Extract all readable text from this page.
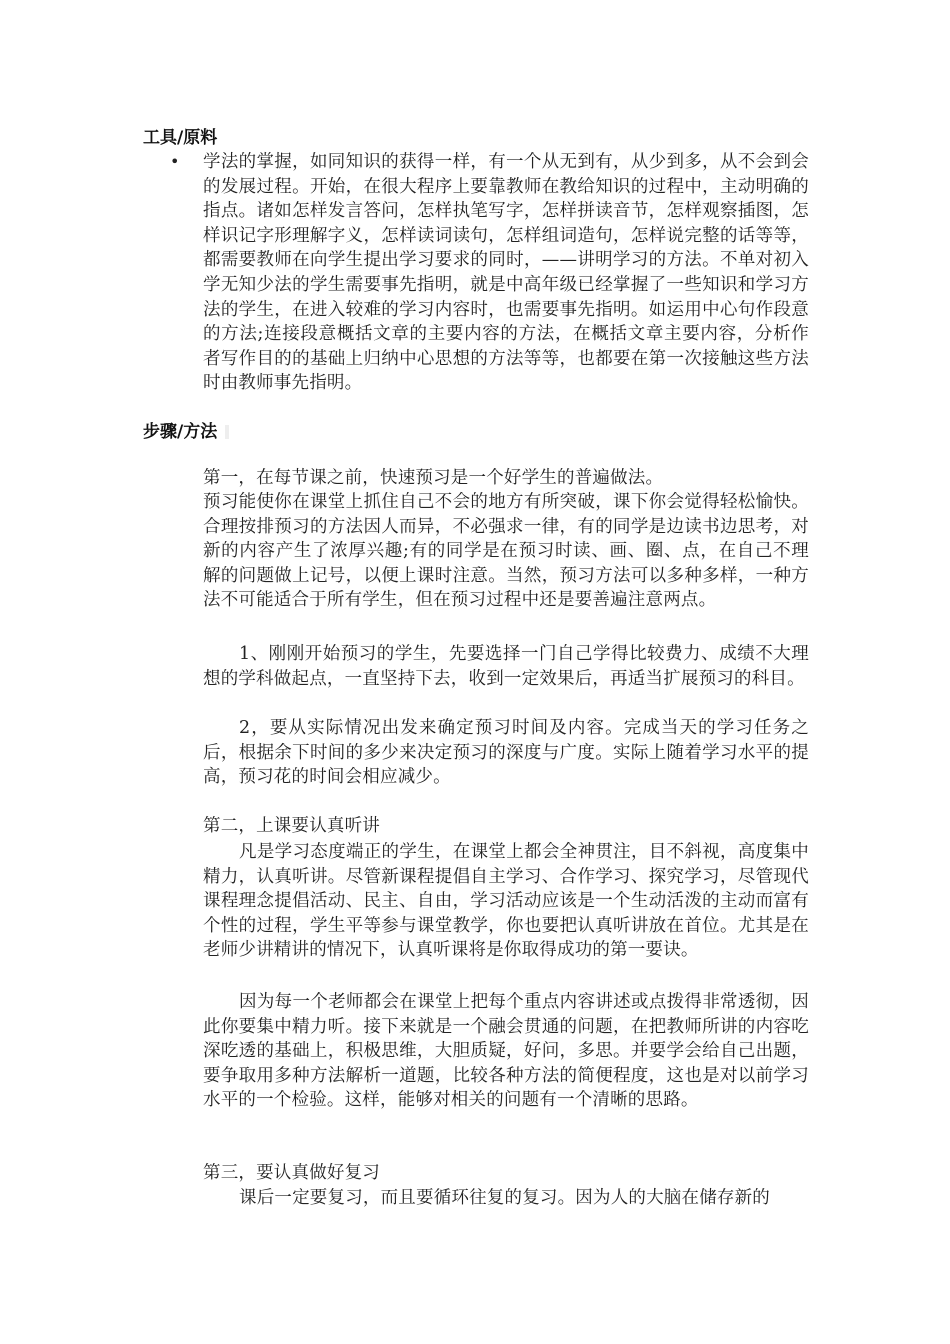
工具/原料
• 学法的掌握，如同知识的获得一样，有一个从无到有，从少到多，从不会到会的发展过程。开始，在很大程序上要靠教师在教给知识的过程中，主动明确的指点。诸如怎样发言答问，怎样执笔写字，怎样拼读音节，怎样观察插图，怎样识记字形理解字义，怎样读词读句，怎样组词造句，怎样说完整的话等等，都需要教师在向学生提出学习要求的同时，——讲明学习的方法。不单对初入学无知少法的学生需要事先指明，就是中高年级已经掌握了一些知识和学习方法的学生，在进入较难的学习内容时，也需要事先指明。如运用中心句作段意的方法;连接段意概括文章的主要内容的方法，在概括文章主要内容，分析作者写作目的的基础上归纳中心思想的方法等等，也都要在第一次接触这些方法时由教师事先指明。
步骤/方法
第一，在每节课之前，快速预习是一个好学生的普遍做法。
预习能使你在课堂上抓住自己不会的地方有所突破，课下你会觉得轻松愉快。合理按排预习的方法因人而异，不必强求一律，有的同学是边读书边思考，对新的内容产生了浓厚兴趣;有的同学是在预习时读、画、圈、点，在自己不理解的问题做上记号，以便上课时注意。当然，预习方法可以多种多样，一种方法不可能适合于所有学生，但在预习过程中还是要善遍注意两点。
1、刚刚开始预习的学生，先要选择一门自己学得比较费力、成绩不大理想的学科做起点，一直坚持下去，收到一定效果后，再适当扩展预习的科目。
2，要从实际情况出发来确定预习时间及内容。完成当天的学习任务之后，根据余下时间的多少来决定预习的深度与广度。实际上随着学习水平的提高，预习花的时间会相应减少。
第二，上课要认真听讲
凡是学习态度端正的学生，在课堂上都会全神贯注，目不斜视，高度集中精力，认真听讲。尽管新课程提倡自主学习、合作学习、探究学习，尽管现代课程理念提倡活动、民主、自由，学习活动应该是一个生动活泼的主动而富有个性的过程，学生平等参与课堂教学，你也要把认真听讲放在首位。尤其是在老师少讲精讲的情况下，认真听课将是你取得成功的第一要诀。
因为每一个老师都会在课堂上把每个重点内容讲述或点拨得非常透彻，因此你要集中精力听。接下来就是一个融会贯通的问题，在把教师所讲的内容吃深吃透的基础上，积极思维，大胆质疑，好问，多思。并要学会给自己出题，要争取用多种方法解析一道题，比较各种方法的简便程度，这也是对以前学习水平的一个检验。这样，能够对相关的问题有一个清晰的思路。
第三，要认真做好复习
课后一定要复习，而且要循环往复的复习。因为人的大脑在储存新的
